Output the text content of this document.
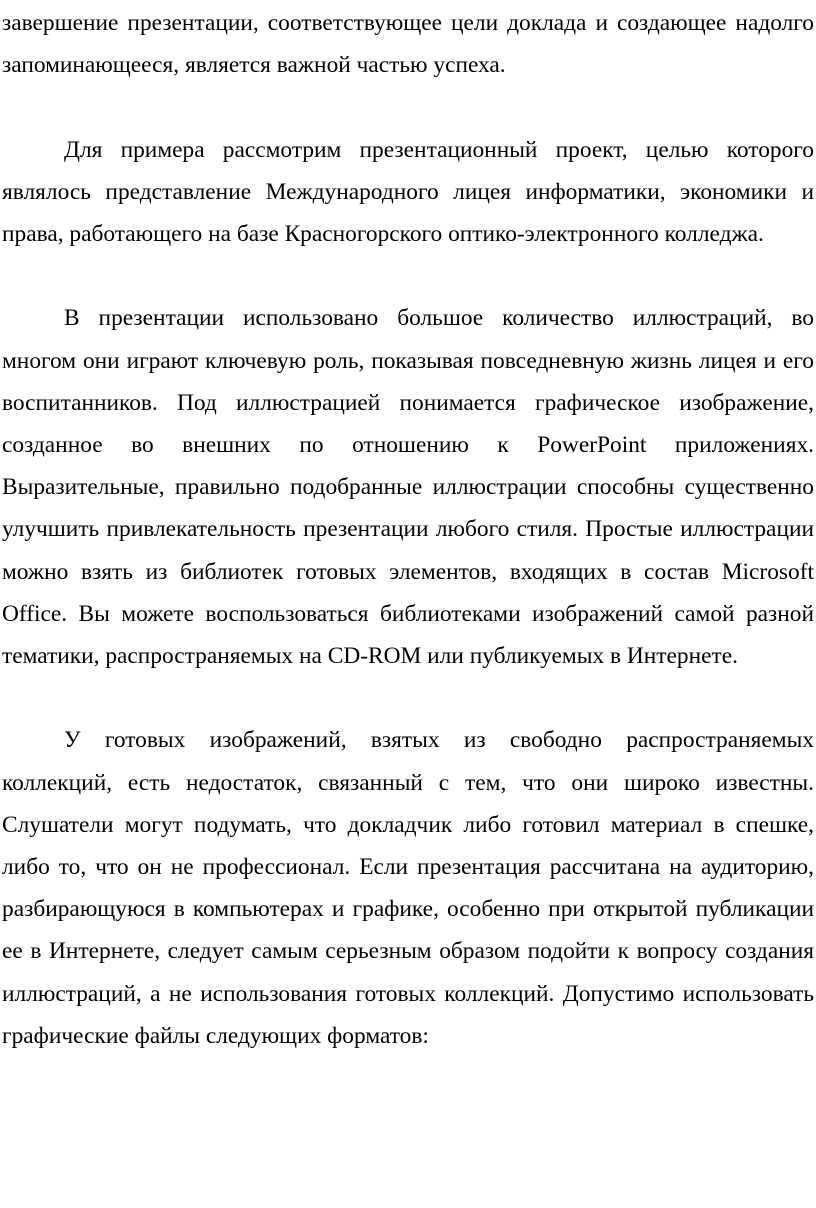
завершение презентации, соответствующее цели доклада и создающее надолго запоминающееся, является важной частью успеха.

Для примера рассмотрим презентационный проект, целью которого являлось представление Международного лицея информатики, экономики и права, работающего на базе Красногорского оптико-электронного колледжа.

В презентации использовано большое количество иллюстраций, во многом они играют ключевую роль, показывая повседневную жизнь лицея и его воспитанников. Под иллюстрацией понимается графическое изображение, созданное во внешних по отношению к PowerPoint приложениях. Выразительные, правильно подобранные иллюстрации способны существенно улучшить привлекательность презентации любого стиля. Простые иллюстрации можно взять из библиотек готовых элементов, входящих в состав Microsoft Office. Вы можете воспользоваться библиотеками изображений самой разной тематики, распространяемых на CD-ROM или публикуемых в Интернете.

У готовых изображений, взятых из свободно распространяемых коллекций, есть недостаток, связанный с тем, что они широко известны. Слушатели могут подумать, что докладчик либо готовил материал в спешке, либо то, что он не профессионал. Если презентация рассчитана на аудиторию, разбирающуюся в компьютерах и графике, особенно при открытой публикации ее в Интернете, следует самым серьезным образом подойти к вопросу создания иллюстраций, а не использования готовых коллекций. Допустимо использовать графические файлы следующих форматов:
